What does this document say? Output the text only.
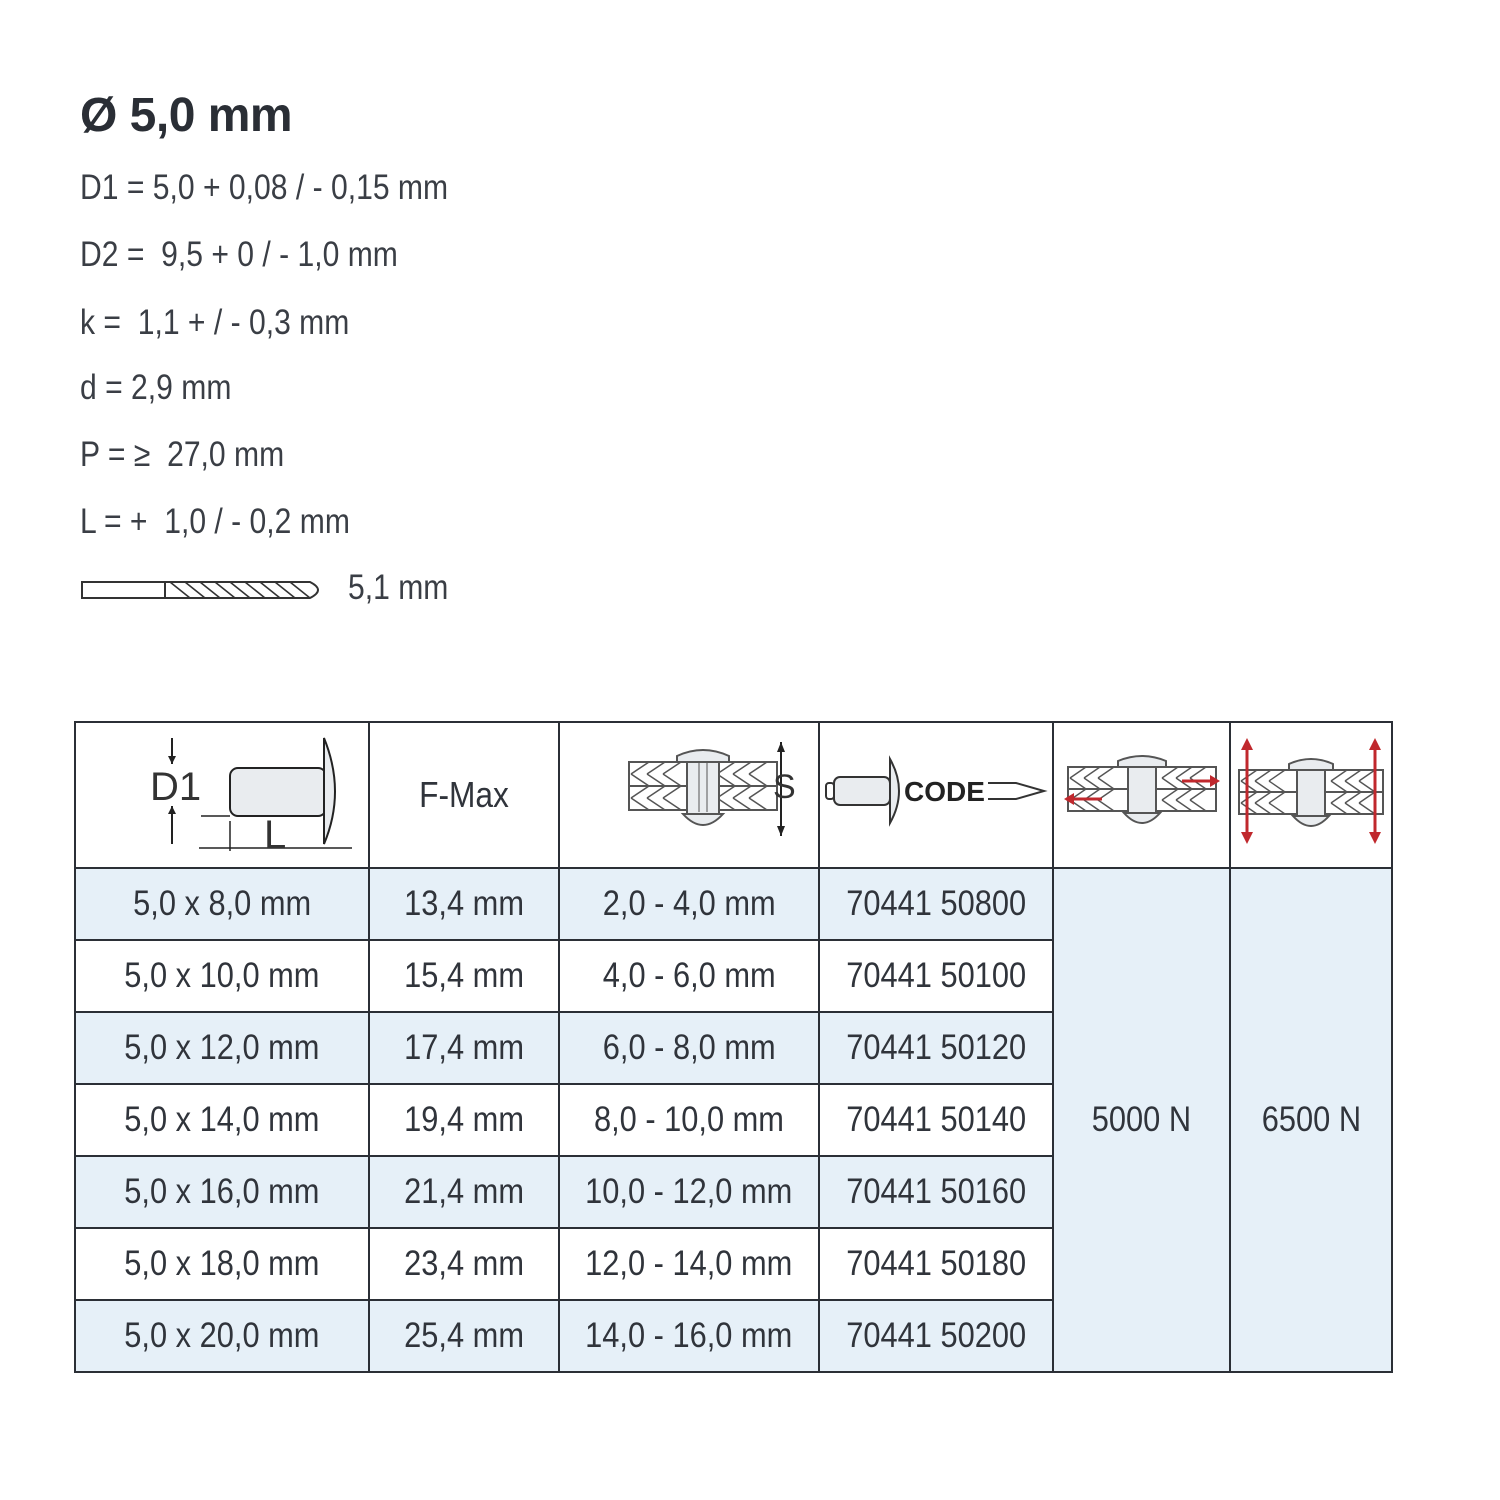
Ø 5,0 mm
D1 = 5,0 + 0,08 / - 0,15 mm
D2 =  9,5 + 0 / - 1,0 mm
k =  1,1 + / - 0,3 mm
d = 2,9 mm
P = ≥  27,0 mm
L = +  1,0 / - 0,2 mm
5,1 mm
D1
L	F-Max	S	CODE

5,0 x 8,0 mm	13,4 mm	2,0 - 4,0 mm	70441 50800	5000 N	6500 N
5,0 x 10,0 mm	15,4 mm	4,0 - 6,0 mm	70441 50100		
5,0 x 12,0 mm	17,4 mm	6,0 - 8,0 mm	70441 50120		
5,0 x 14,0 mm	19,4 mm	8,0 - 10,0 mm	70441 50140		
5,0 x 16,0 mm	21,4 mm	10,0 - 12,0 mm	70441 50160		
5,0 x 18,0 mm	23,4 mm	12,0 - 14,0 mm	70441 50180		
5,0 x 20,0 mm	25,4 mm	14,0 - 16,0 mm	70441 50200		
